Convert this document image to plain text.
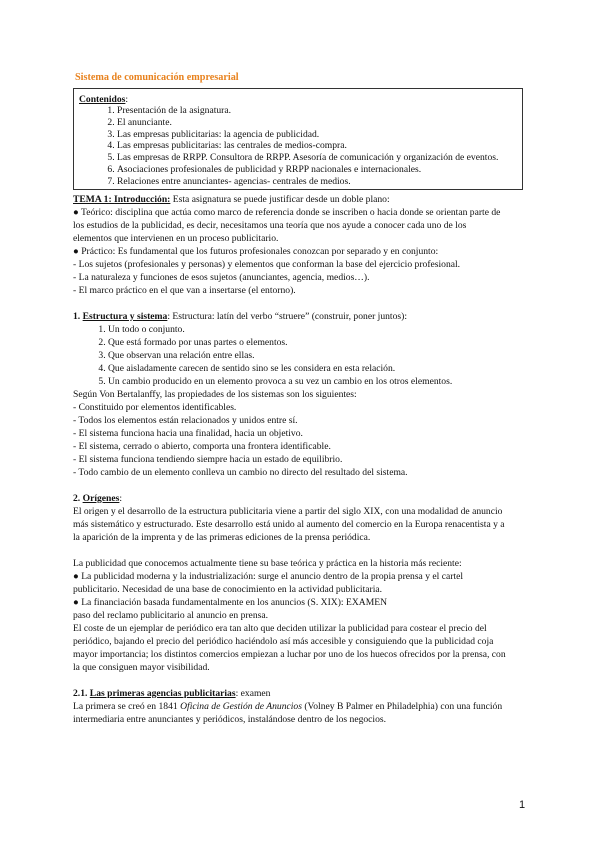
Sistema de comunicación empresarial
Contenidos:
1. Presentación de la asignatura.
2. El anunciante.
3. Las empresas publicitarias: la agencia de publicidad.
4. Las empresas publicitarias: las centrales de medios-compra.
5. Las empresas de RRPP. Consultora de RRPP. Asesoría de comunicación y organización de eventos.
6. Asociaciones profesionales de publicidad y RRPP nacionales e internacionales.
7. Relaciones entre anunciantes- agencias- centrales de medios.
TEMA 1: Introducción: Esta asignatura se puede justificar desde un doble plano:
● Teórico: disciplina que actúa como marco de referencia donde se inscriben o hacia donde se orientan parte de
los estudios de la publicidad, es decir, necesitamos una teoría que nos ayude a conocer cada uno de los
elementos que intervienen en un proceso publicitario.
● Práctico: Es fundamental que los futuros profesionales conozcan por separado y en conjunto:
- Los sujetos (profesionales y personas) y elementos que conforman la base del ejercicio profesional.
- La naturaleza y funciones de esos sujetos (anunciantes, agencia, medios…).
- El marco práctico en el que van a insertarse (el entorno).
1. Estructura y sistema: Estructura: latín del verbo “struere” (construir, poner juntos):
1. Un todo o conjunto.
2. Que está formado por unas partes o elementos.
3. Que observan una relación entre ellas.
4. Que aisladamente carecen de sentido sino se les considera en esta relación.
5. Un cambio producido en un elemento provoca a su vez un cambio en los otros elementos.
Según Von Bertalanffy, las propiedades de los sistemas son los siguientes:
- Constituido por elementos identificables.
- Todos los elementos están relacionados y unidos entre sí.
- El sistema funciona hacia una finalidad, hacia un objetivo.
- El sistema, cerrado o abierto, comporta una frontera identificable.
- El sistema funciona tendiendo siempre hacia un estado de equilibrio.
- Todo cambio de un elemento conlleva un cambio no directo del resultado del sistema.
2. Orígenes:
El origen y el desarrollo de la estructura publicitaria viene a partir del siglo XIX, con una modalidad de anuncio
más sistemático y estructurado. Este desarrollo está unido al aumento del comercio en la Europa renacentista y a
la aparición de la imprenta y de las primeras ediciones de la prensa periódica.
La publicidad que conocemos actualmente tiene su base teórica y práctica en la historia más reciente:
● La publicidad moderna y la industrialización: surge el anuncio dentro de la propia prensa y el cartel
publicitario. Necesidad de una base de conocimiento en la actividad publicitaria.
● La financiación basada fundamentalmente en los anuncios (S. XIX): EXAMEN
paso del reclamo publicitario al anuncio en prensa.
El coste de un ejemplar de periódico era tan alto que deciden utilizar la publicidad para costear el precio del
periódico, bajando el precio del periódico haciéndolo así más accesible y consiguiendo que la publicidad coja
mayor importancia; los distintos comercios empiezan a luchar por uno de los huecos ofrecidos por la prensa, con
la que consiguen mayor visibilidad.
2.1. Las primeras agencias publicitarias: examen
La primera se creó en 1841 Oficina de Gestión de Anuncios (Volney B Palmer en Philadelphia) con una función
intermediaria entre anunciantes y periódicos, instalándose dentro de los negocios.
1
